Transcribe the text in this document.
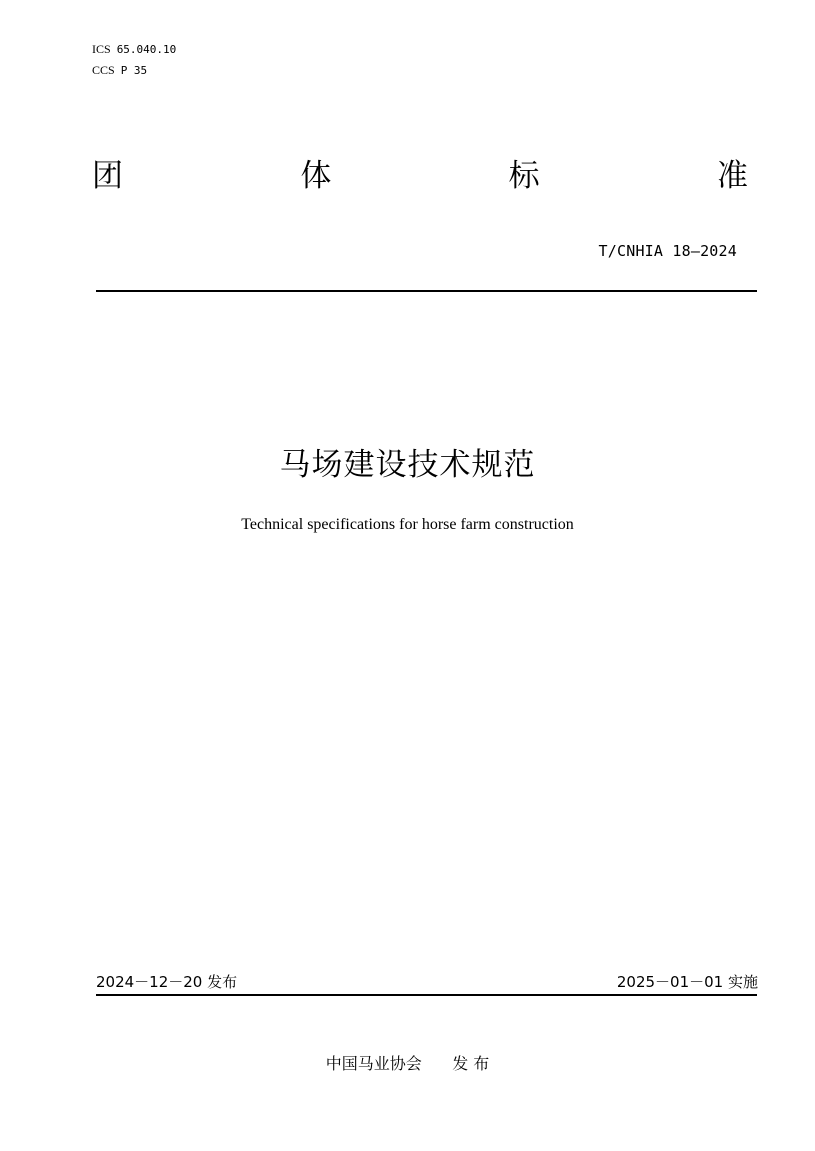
ICS 65.040.10
CCS P 35
团	体	标	准
T/CNHIA 18—2024
马场建设技术规范
Technical specifications for horse farm construction
2024－12－20 发布	2025－01－01 实施
中国马业协会 发 布
